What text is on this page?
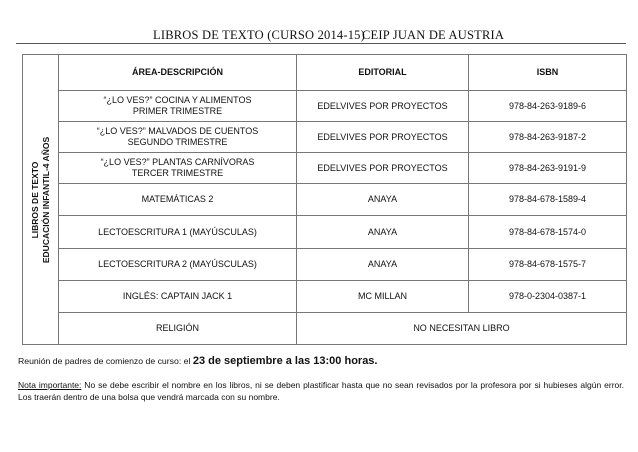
LIBROS DE TEXTO (CURSO 2014-15)
CEIP JUAN DE AUSTRIA
LIBROS DE TEXTO EDUCACIÓN INFANTIL-4 AÑOS	ÁREA-DESCRIPCIÓN	EDITORIAL	ISBN

	“¿LO VES?” COCINA Y ALIMENTOS
PRIMER TRIMESTRE	EDELVIVES POR PROYECTOS	978-84-263-9189-6

	“¿LO VES?” MALVADOS DE CUENTOS
SEGUNDO TRIMESTRE	EDELVIVES POR PROYECTOS	978-84-263-9187-2

	“¿LO VES?” PLANTAS CARNÍVORAS
TERCER TRIMESTRE	EDELVIVES POR PROYECTOS	978-84-263-9191-9
	MATEMÁTICAS 2	ANAYA	978-84-678-1589-4
	LECTOESCRITURA 1 (MAYÚSCULAS)	ANAYA	978-84-678-1574-0
	LECTOESCRITURA 2 (MAYÚSCULAS)	ANAYA	978-84-678-1575-7
	INGLÉS: CAPTAIN JACK 1	MC MILLAN	978-0-2304-0387-1
	RELIGIÓN	NO NECESITAN LIBRO	
Reunión de padres de comienzo de curso: el 23 de septiembre a las 13:00 horas.
Nota importante: No se debe escribir el nombre en los libros, ni se deben plastificar hasta que no sean revisados por la profesora por si hubieses algún error. Los traerán dentro de una bolsa que vendrá marcada con su nombre.
